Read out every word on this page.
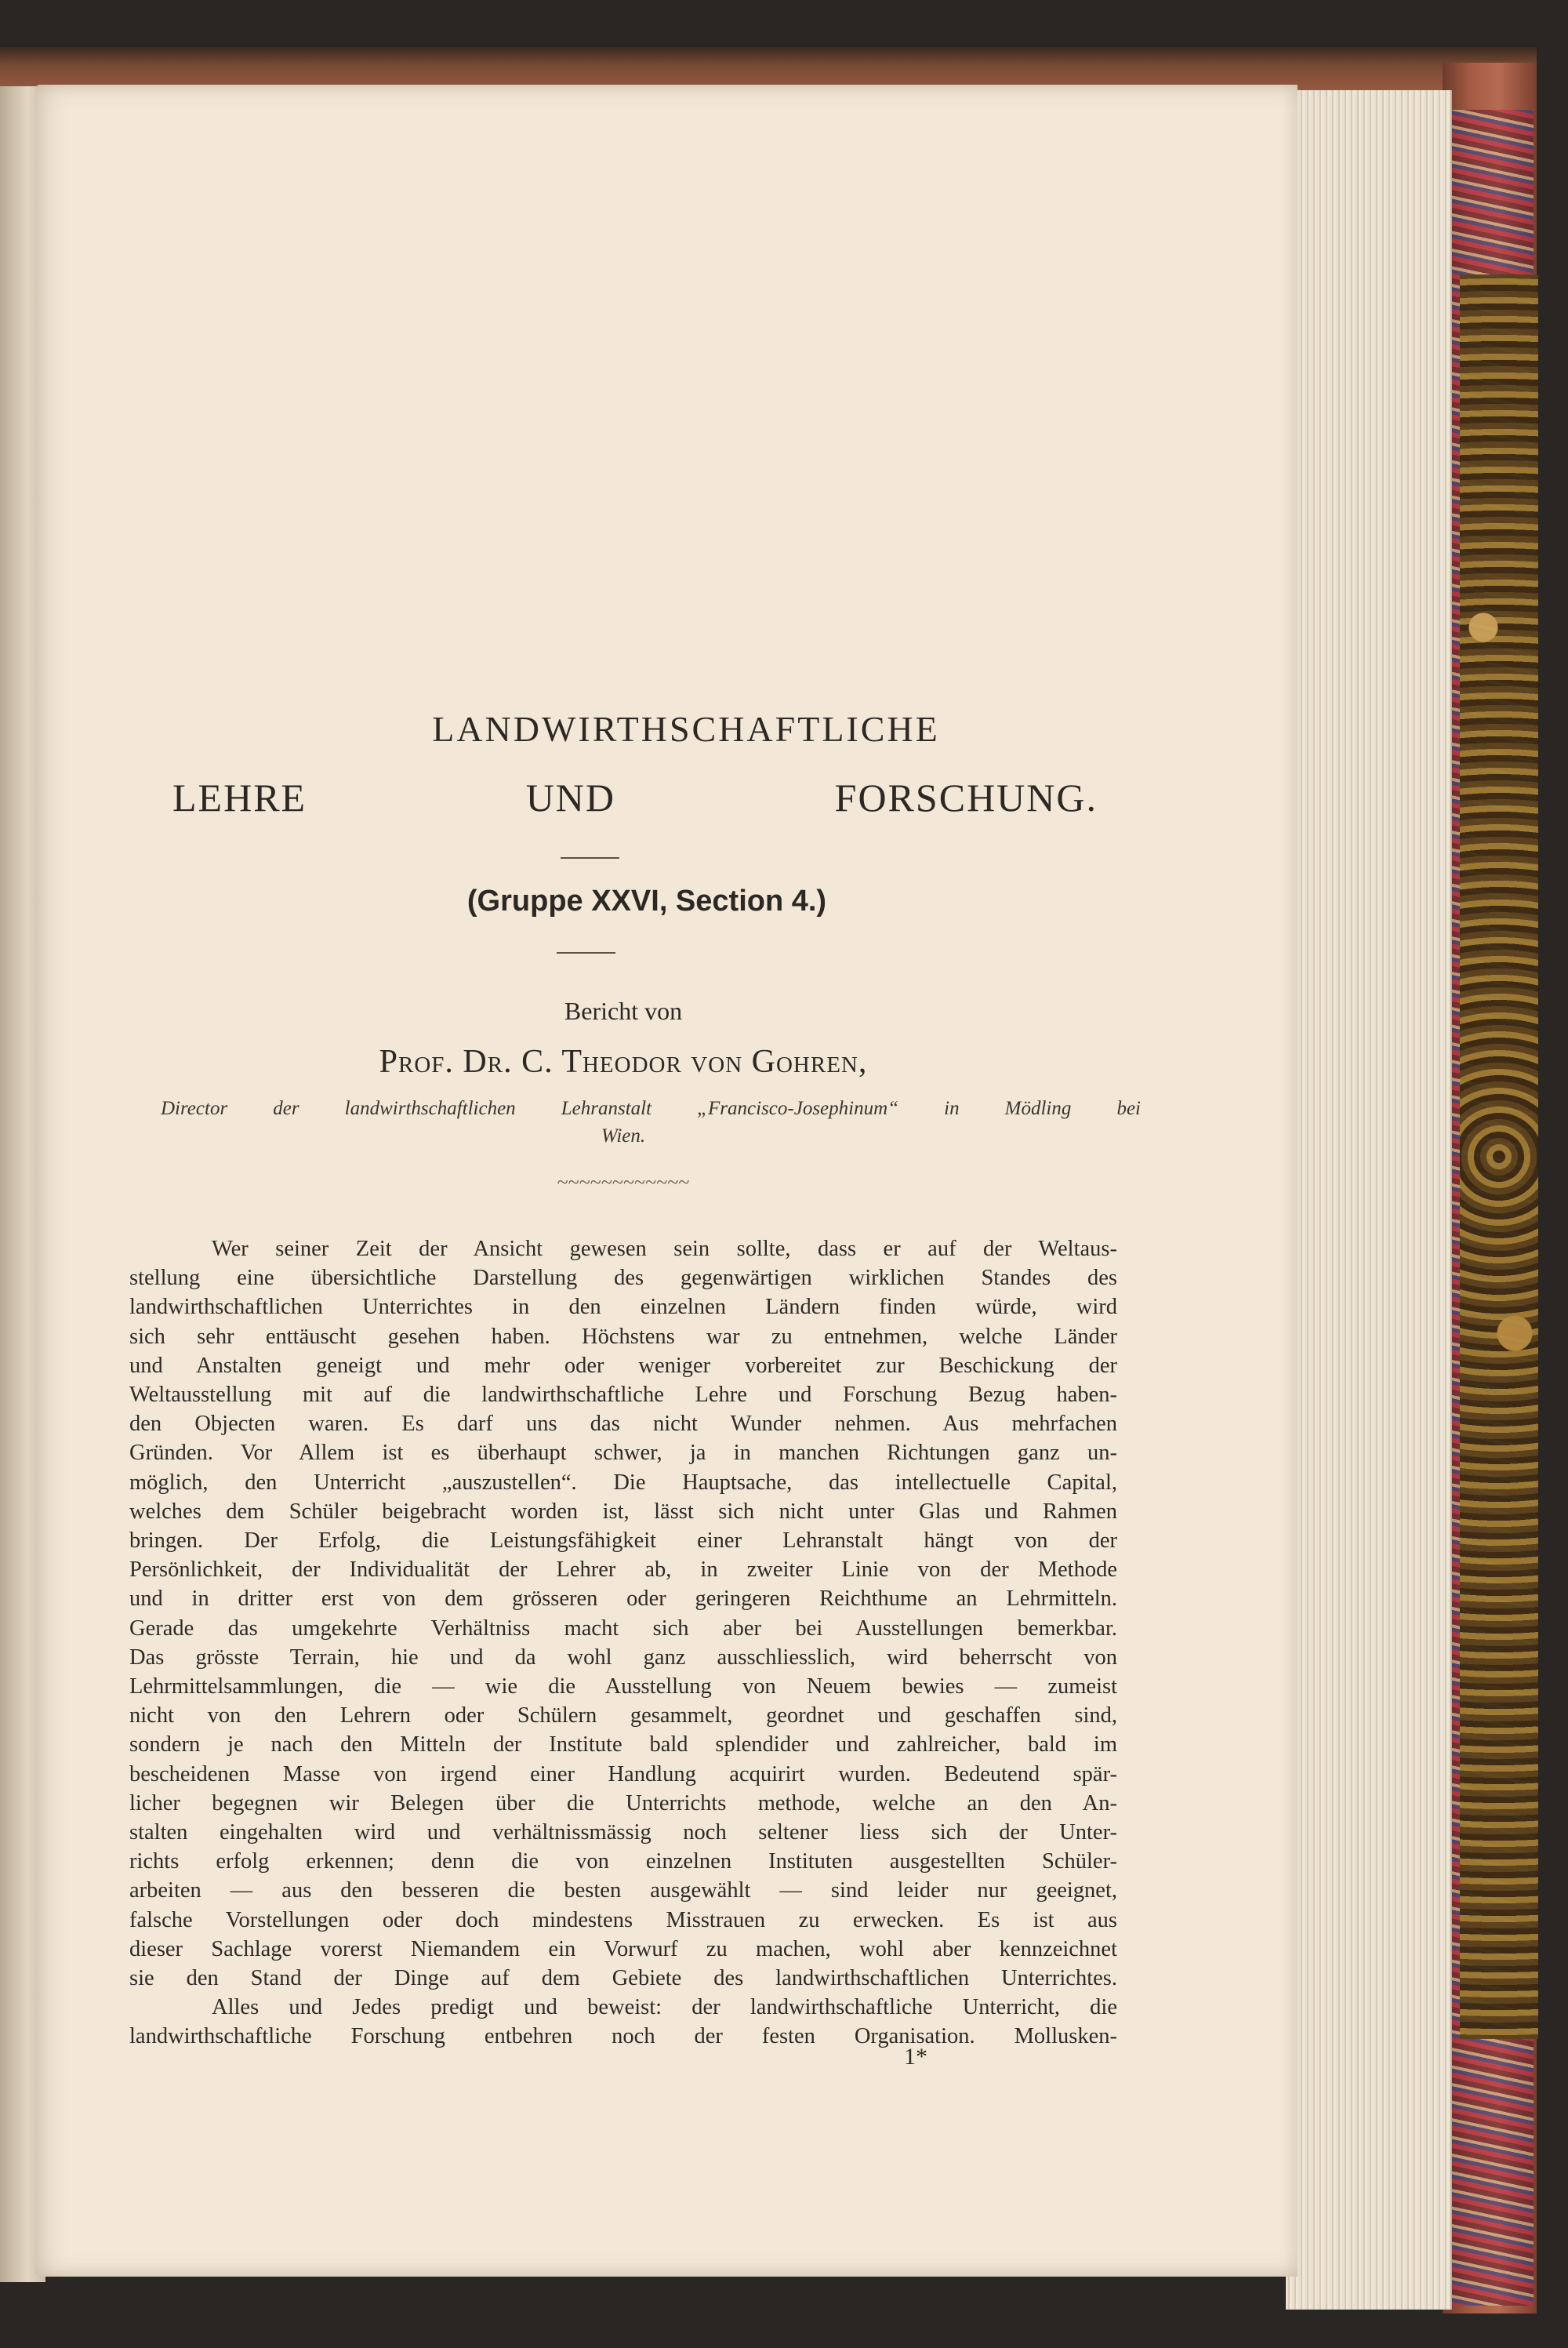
LANDWIRTHSCHAFTLICHE
LEHRE UND FORSCHUNG.
(Gruppe XXVI, Section 4.)
Bericht von
Prof. Dr. C. Theodor von Gohren,
Director der landwirthschaftlichen Lehranstalt „Francisco-Josephinum“ in Mödling bei
Wien.
~~~~~~~~~~~~
Wer seiner Zeit der Ansicht gewesen sein sollte, dass er auf der Weltaus-
stellung eine übersichtliche Darstellung des gegenwärtigen wirklichen Standes des
landwirthschaftlichen Unterrichtes in den einzelnen Ländern finden würde, wird
sich sehr enttäuscht gesehen haben. Höchstens war zu entnehmen, welche Länder
und Anstalten geneigt und mehr oder weniger vorbereitet zur Beschickung der
Weltausstellung mit auf die landwirthschaftliche Lehre und Forschung Bezug haben-
den Objecten waren. Es darf uns das nicht Wunder nehmen. Aus mehrfachen
Gründen. Vor Allem ist es überhaupt schwer, ja in manchen Richtungen ganz un-
möglich, den Unterricht „auszustellen“. Die Hauptsache, das intellectuelle Capital,
welches dem Schüler beigebracht worden ist, lässt sich nicht unter Glas und Rahmen
bringen. Der Erfolg, die Leistungsfähigkeit einer Lehranstalt hängt von der
Persönlichkeit, der Individualität der Lehrer ab, in zweiter Linie von der Methode
und in dritter erst von dem grösseren oder geringeren Reichthume an Lehrmitteln.
Gerade das umgekehrte Verhältniss macht sich aber bei Ausstellungen bemerkbar.
Das grösste Terrain, hie und da wohl ganz ausschliesslich, wird beherrscht von
Lehrmittelsammlungen, die — wie die Ausstellung von Neuem bewies — zumeist
nicht von den Lehrern oder Schülern gesammelt, geordnet und geschaffen sind,
sondern je nach den Mitteln der Institute bald splendider und zahlreicher, bald im
bescheidenen Masse von irgend einer Handlung acquirirt wurden. Bedeutend spär-
licher begegnen wir Belegen über die Unterrichts methode, welche an den An-
stalten eingehalten wird und verhältnissmässig noch seltener liess sich der Unter-
richts erfolg erkennen; denn die von einzelnen Instituten ausgestellten Schüler-
arbeiten — aus den besseren die besten ausgewählt — sind leider nur geeignet,
falsche Vorstellungen oder doch mindestens Misstrauen zu erwecken. Es ist aus
dieser Sachlage vorerst Niemandem ein Vorwurf zu machen, wohl aber kennzeichnet
sie den Stand der Dinge auf dem Gebiete des landwirthschaftlichen Unterrichtes.
Alles und Jedes predigt und beweist: der landwirthschaftliche Unterricht, die
landwirthschaftliche Forschung entbehren noch der festen Organisation. Mollusken-
1*
